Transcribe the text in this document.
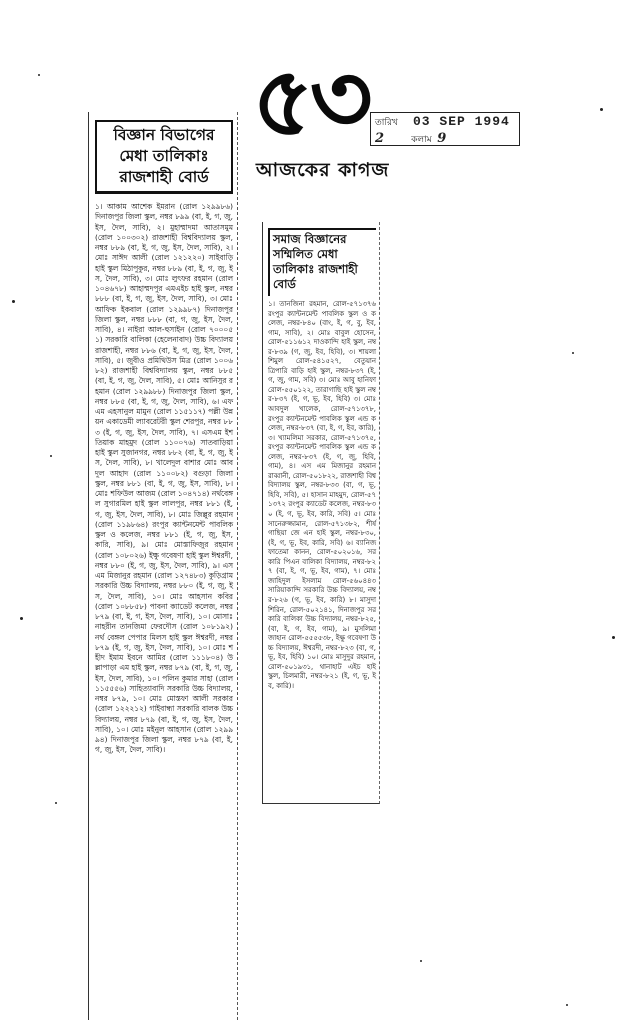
৫৩
আজকের কাগজ
তারিখ 03 SEP 1994
2	কলাম 9
বিজ্ঞান বিভাগের মেধা তালিকাঃ রাজশাহী বোর্ড

১। আকাম আশেক ইমরান (রোল ১২৯৯৮৬) দিনাজপুর জিলা স্কুল, নম্বর ৮৯৯ (বা, ই, গ, জু, ইস, দৈল, সাবি), ২। মুহাম্মাদমা আতাসমুম (রোল ১০০৩০২) রাজশাহী বিশ্ববিদ্যালয় স্কুল, নম্বর ৮৮৯ (বা, ই, গ, জু, ইস, দৈল, সাবি), ২। মোঃ সাঈদ আলী (রোল ১২১২২০) সাইবাড়ি হাই স্কুল মিঠাপুকুর, নম্বর ৮৮৯ (বা, ই, গ, জু, ইস, দৈল, সাবি), ৩। মোঃ লুৎফর রহমান (রোল ১০৪৬৭৮) আহাম্মদপুর এমএইচ হাই স্কুল, নম্বর ৮৮৮ (বা, ই, গ, জু, ইস, দৈল, সাবি), ৩। মোঃ আফিক ইকবাল (রোল ১২৯৯৮৭) দিনাজপুর জিলা স্কুল, নম্বর ৮৮৮ (বা, গ, জু, ইস, দৈল, সাবি), ৪। নাইরা আল-হুসাইন (রোল ৭০০০৫১) সরকারি বালিকা (হেলেনাবাদ) উচ্চ বিদ্যালয় রাজশাহী, নম্বর ৮৮৬ (বা, ই, গ, জু, ইস, দৈল, সাবি), ৫। জুবীও প্রমিথিউস মিত্র (রোল ১০০৬৮২) রাজশাহী বিশ্ববিদ্যালয় স্কুল, নম্বর ৮৮৫ (বা, ই, গ, জু, দৈল, সাবি), ৫। মোঃ আনিসুর রহমান (রোল ১২৯৯৮৮) দিনাজপুর জিলা স্কুল, নম্বর ৮৮৫ (বা, ই, গ, জু, দৈল, সাবি), ৬। এফএম এহসানুল মামুন (রোল ১১৫১১৭) পল্লী উন্নয়ন একাডেমী ল্যাবরেটরী স্কুল শেরপুর, নম্বর ৮৮৩ (ই, গ, জু, ইস, দৈল, সাবি), ৭। এসএম ইশতিয়াক মাহমুদ (রোল ১১০০৭৬) সাতবাড়িয়া হাই স্কুল সুজানগর, নম্বর ৮৮২ (বা, ই, গ, জু, ইস, দৈল, সাবি), ৮। খালেদুল বাশার মোঃ আবদুল আহাদ (রোল ১১০০৮২) বগুড়া জিলা স্কুল, নম্বর ৮৮১ (বা, ই, গ, জু, ইস, সাবি), ৮। মোঃ শফিউল আজম (রোল ১০৪৭১৪) নর্থবেঙ্গল সুগারমিল হাই স্কুল লালপুর, নম্বর ৮৮১ (ই, গ, জু, ইস, দৈল, সাবি), ৮। মোঃ জিল্লুর রহমান (রোল ১১৯৮৬৪) রংপুর ক্যান্টনমেন্ট পাবলিক স্কুল ও কলেজ, নম্বর ৮৮১ (ই, গ, জু, ইস, কারি, সাবি), ৯। মোঃ মোস্তাফিজুর রহমান (রোল ১০৮০২৬) ইক্ষু গবেষণা হাই স্কুল ঈশ্বরদী, নম্বর ৮৮০ (ই, গ, জু, ইস, দৈল, সাবি), ৯। এসএম মিজানুর রহমান (রোল ১২৭৪৮৩) কুড়িগ্রাম সরকারি উচ্চ বিদ্যালয়, নম্বর ৮৮০ (ই, গ, জু, ইস, দৈল, সাবি), ১০। মোঃ আহসান কবির (রোল ১০৮৮৫৮) পাবনা ক্যাডেট কলেজ, নম্বর ৮৭৯ (বা, ই, গ, ইস, দৈল, সাবি), ১০। মোসাঃ নাহরীন তানজিমা ফেরদৌস (রোল ১০৮১৯২) নর্থ বেঙ্গল পেপার মিলস হাই স্কুল ঈশ্বরদী, নম্বর ৮৭৯ (ই, গ, জু, ইস, দৈল, সাবি), ১০। মোঃ শহীদ ইমাম ইবনে আমির (রোল ১১১৮০৪) উল্লাপাড়া এম হাই স্কুল, নম্বর ৮৭৯ (বা, ই, গ, জু, ইস, দৈল, সাবি), ১০। পলিন কুমার সাহা (রোল ১১৫৫৫৬) সাহিত্যাবাদি সরকারি উচ্চ বিদ্যালয়, নম্বর ৮৭৯, ১০। মোঃ মোস্তফা আলী সরকার (রোল ১২২২১২) গাইবান্ধা সরকারি বালক উচ্চ বিদ্যালয়, নম্বর ৮৭৯ (বা, ই, গ, জু, ইস, দৈল, সাবি), ১০। মোঃ মইনুল আহসান (রোল ১২৯৯৯৪) দিনাজপুর জিলা স্কুল, নম্বর ৮৭৯ (বা, ই, গ, জু, ইস, দৈল, সাবি)।

সমাজ বিজ্ঞানের সম্মিলিত মেধা তালিকাঃ রাজশাহী বোর্ড

১। তানজিনা রহমান, রোল-৫৭১৩৭৬ রংপুর ক্যান্টনমেন্ট পাবলিক স্কুল ও কলেজ, নম্বর-৮৪০ (বাং, ই, গ, বু, ইব, গাম, সাবি), ২। মোঃ বাবুল হোসেন, রোল-৫১১৬১২ দাওকান্দি হাই স্কুল, নম্বর-৮৩৯ (গ, জু, ইব, হিবি), ৩। শায়লা শিমুল রোল-৫৪১৫২৭, বেতুয়ান ত্রিপারি বাড়ি হাই স্কুল, নম্বর-৮৩৭ (ই, গ, জু, গাম, সবি) ৩। মোঃ আবু হানিফা রোল-৫৫০১২২, তারাগাছি হাই স্কুল নম্বর-৮৩৭ (ই, গ, ভূ, ইব, হিবি) ৩। মোঃ আবদুল খালেক, রোল-৫৭১৩৭৮, রংপুর ক্যান্টনমেন্ট পাবলিক স্কুল এন্ড কলেজ, নম্বর-৮৩৭ (বা, ই, গ, ইব, কারি), ৩। খ্যামলিমা সরকার, রোল-৫৭১৩৭৫, রংপুর ক্যান্টনমেন্ট পাবলিক স্কুল এন্ড কলেজ, নম্বর-৮৩৭ (ই, গ, জু, হিবি, গাম), ৪। এস এম মিজানুর রহমান রাব্বানী, রোল-৫০১৮২২, রাজশাহী বিশ্ববিদ্যালয় স্কুল, নম্বর-৮৩৩ (বা, গ, ভূ, হিবি, সবি), ৫। হাসান মাহমুদ, রোল-৫৭১৩৭২ রংপুর ক্যাডেট কলেজ, নম্বর-৮৩০ (ই, গ, ভূ, ইব, কারি, সবি) ৫। মোঃ সানেরুজ্জামান, রোল-৫৭১৩৮২, শীর্ষ গাছিয়া জে এন হাই স্কুল, নম্বর-৮৩০, (ই, গ, ভূ, ইব, কারি, সবি) ৬। ব্যানিজ ফাতেমা কানন, রোল-৫০২০১৬, সরকারি পিএন বালিকা বিদ্যালয়, নম্বর-৮২৭ (বা, ই, গ, ভূ, ইব, গাম), ৭। মোঃ জাহিদুল ইসলাম রোল-৫৬০৪৪৩ সারিয়াকান্দি সরকারি উচ্চ বিদ্যালয়, নম্বর-৮২৬ (গ, ভূ, ইব, কারি) ৮। মাসুদা শিরিন, রোল-৫০২১৪১, দিনাজপুর সরকারি বালিকা উচ্চ বিদ্যালয়, নম্বর-৮২৫, (বা, ই, গ, ইব, গাম), ৯। মুসলিমা জাহান রোল-৫৫৫৫৩৮, ইক্ষু গবেষণা উচ্চ বিদ্যালয়, ঈশ্বরদী, নম্বর-৮২৩ (বা, গ, ভূ, ইব, হিবি) ১০। মোঃ মাসুদুর রহমান, রোল-৫০১৯৩১, থানাহাট এইচ হাই স্কুল, চিলমারী, নম্বর-৮২১ (ই, গ, ভূ, ইব, কারি)।
